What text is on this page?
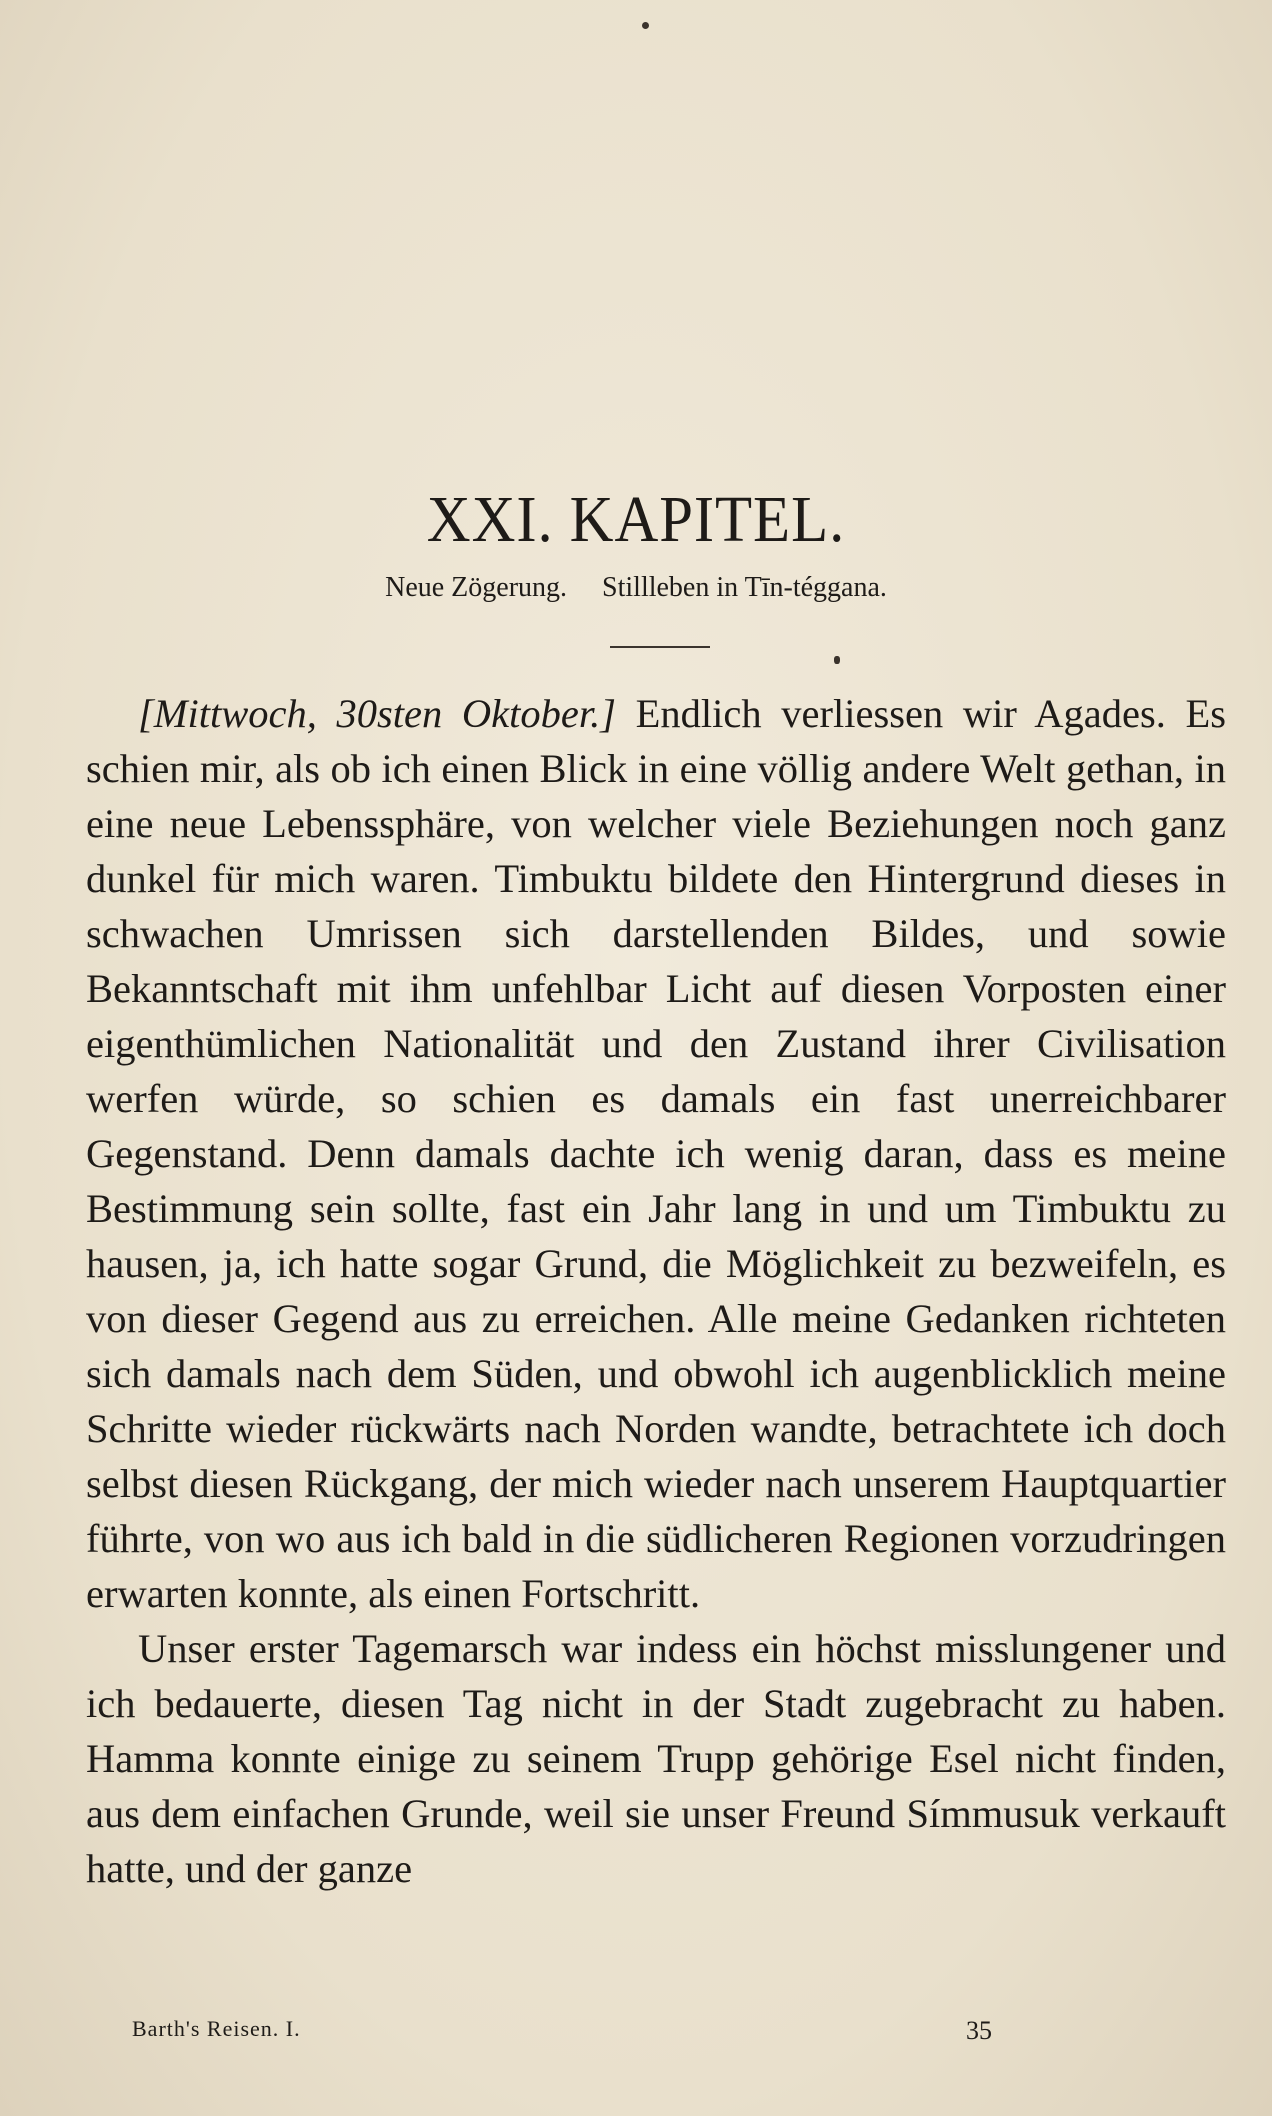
XXI. KAPITEL.
Neue Zögerung. Stillleben in Tīn-téggana.

[Mittwoch, 30sten Oktober.] Endlich verliessen wir Agades. Es schien mir, als ob ich einen Blick in eine völlig andere Welt gethan, in eine neue Lebenssphäre, von welcher viele Beziehungen noch ganz dunkel für mich waren. Timbuktu bildete den Hintergrund dieses in schwachen Umrissen sich darstellenden Bildes, und sowie Bekanntschaft mit ihm unfehlbar Licht auf diesen Vorposten einer eigenthümlichen Nationalität und den Zustand ihrer Civilisation werfen würde, so schien es damals ein fast unerreichbarer Gegenstand. Denn damals dachte ich wenig daran, dass es meine Bestimmung sein sollte, fast ein Jahr lang in und um Timbuktu zu hausen, ja, ich hatte sogar Grund, die Möglichkeit zu bezweifeln, es von dieser Gegend aus zu erreichen. Alle meine Gedanken richteten sich damals nach dem Süden, und obwohl ich augenblicklich meine Schritte wieder rückwärts nach Norden wandte, betrachtete ich doch selbst diesen Rückgang, der mich wieder nach unserem Hauptquartier führte, von wo aus ich bald in die südlicheren Regionen vorzudringen erwarten konnte, als einen Fortschritt.

Unser erster Tagemarsch war indess ein höchst misslungener und ich bedauerte, diesen Tag nicht in der Stadt zugebracht zu haben. Hamma konnte einige zu seinem Trupp gehörige Esel nicht finden, aus dem einfachen Grunde, weil sie unser Freund Símmusuk verkauft hatte, und der ganze

Barth's Reisen. I.	35
